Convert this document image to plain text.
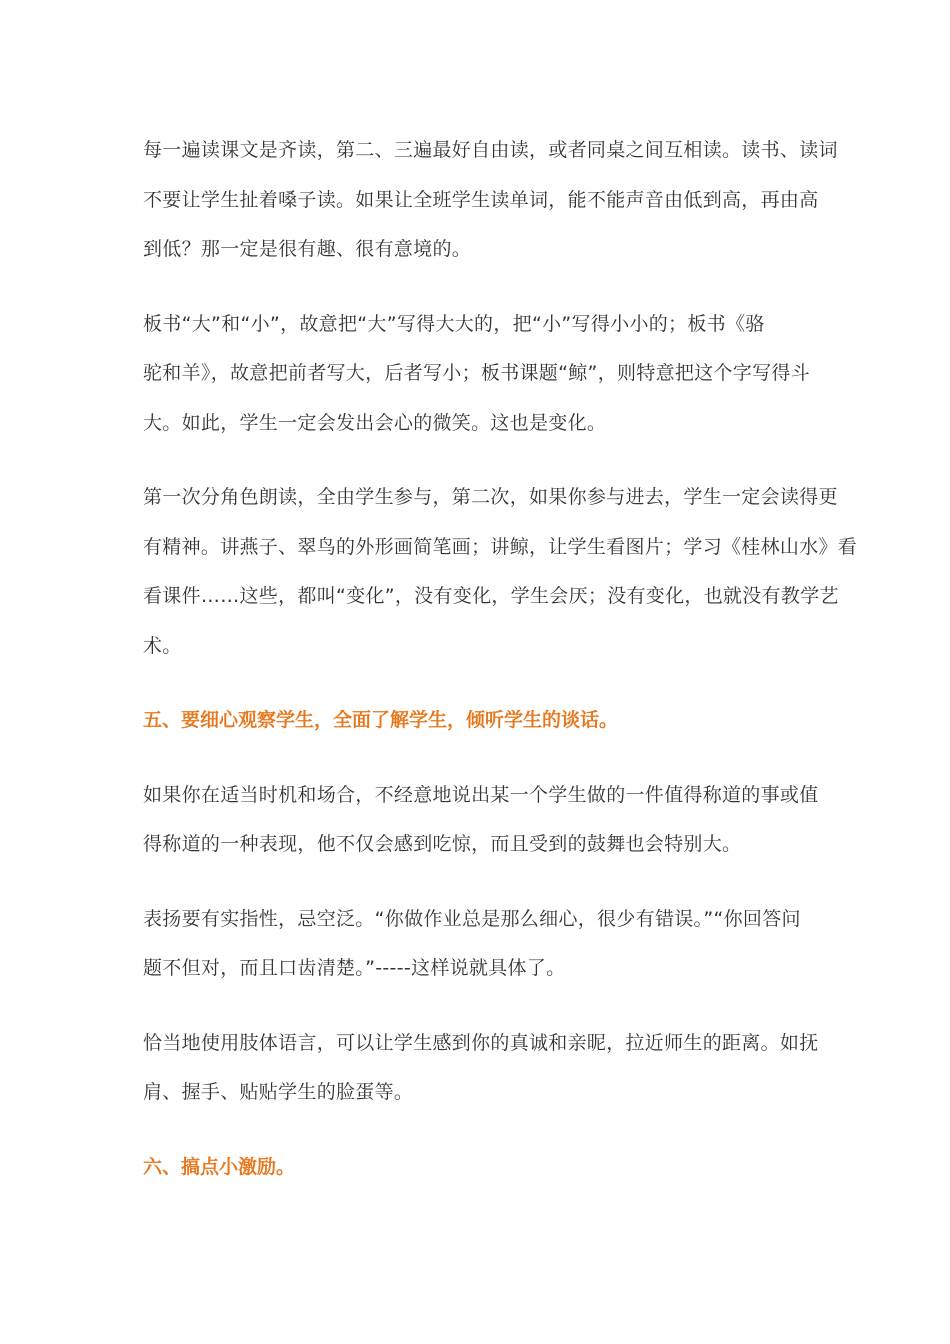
每一遍读课文是齐读，第二、三遍最好自由读，或者同桌之间互相读。读书、读词
不要让学生扯着嗓子读。如果让全班学生读单词，能不能声音由低到高，再由高
到低？那一定是很有趣、很有意境的。
板书“大”和“小”，故意把“大”写得大大的，把“小”写得小小的；板书《骆
驼和羊》，故意把前者写大，后者写小；板书课题“鲸”，则特意把这个字写得斗
大。如此，学生一定会发出会心的微笑。这也是变化。
第一次分角色朗读，全由学生参与，第二次，如果你参与进去，学生一定会读得更
有精神。讲燕子、翠鸟的外形画简笔画；讲鲸，让学生看图片；学习《桂林山水》看
看课件……这些，都叫“变化”，没有变化，学生会厌；没有变化，也就没有教学艺
术。
五、要细心观察学生，全面了解学生，倾听学生的谈话。
如果你在适当时机和场合，不经意地说出某一个学生做的一件值得称道的事或值
得称道的一种表现，他不仅会感到吃惊，而且受到的鼓舞也会特别大。
表扬要有实指性，忌空泛。“你做作业总是那么细心，很少有错误。”“你回答问
题不但对，而且口齿清楚。”-----这样说就具体了。
恰当地使用肢体语言，可以让学生感到你的真诚和亲昵，拉近师生的距离。如抚
肩、握手、贴贴学生的脸蛋等。
六、搞点小激励。
